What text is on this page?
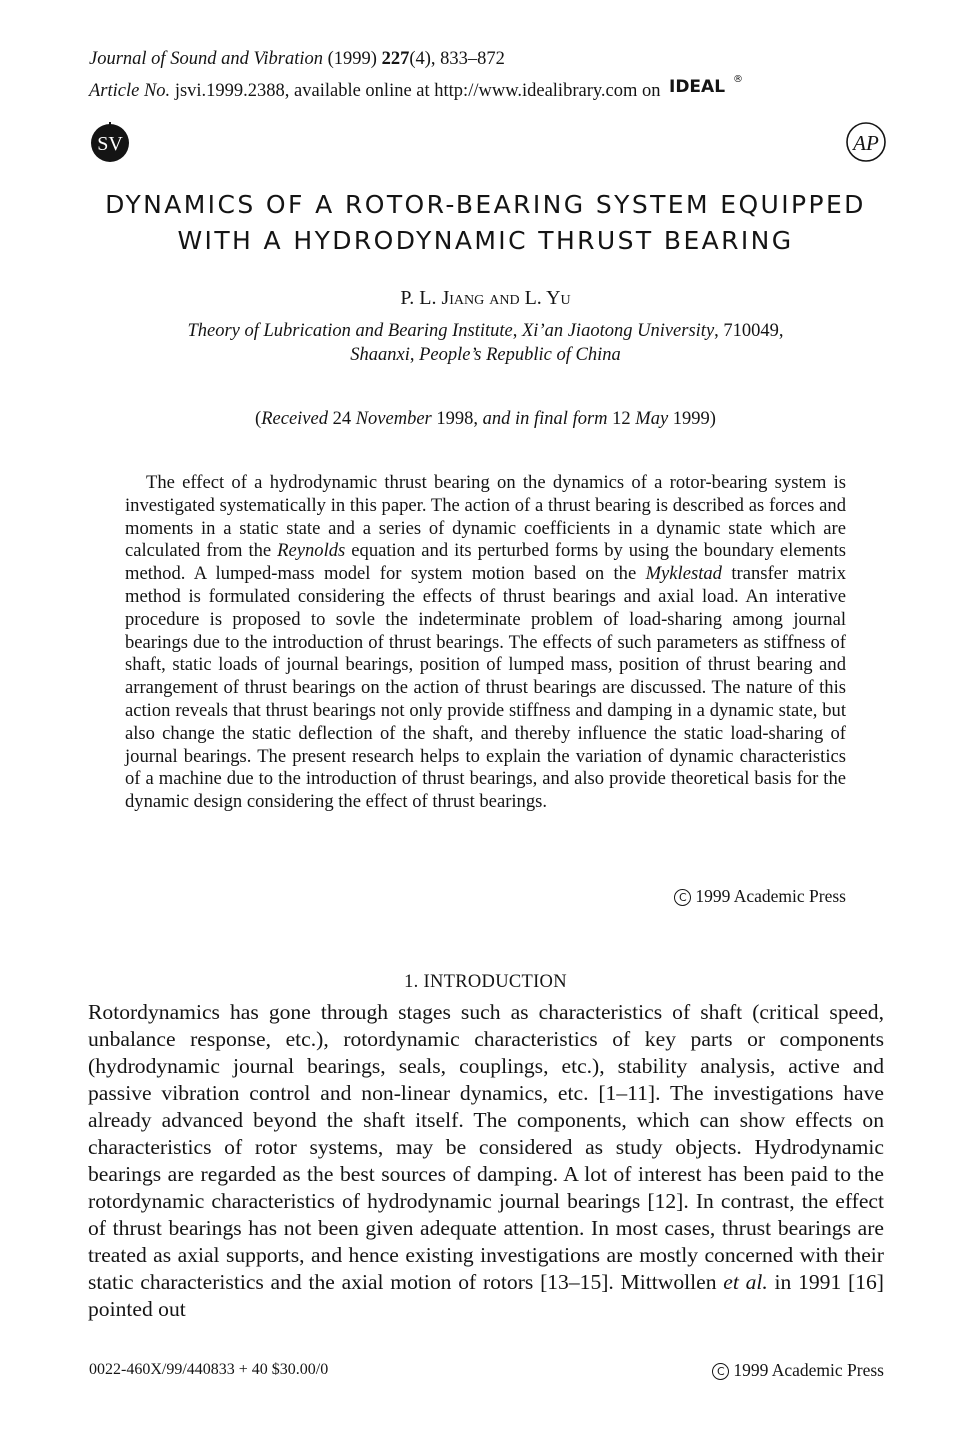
Journal of Sound and Vibration (1999) 227(4), 833–872
Article No. jsvi.1999.2388, available online at http://www.idealibrary.com on IDEAL ®
SV	AP
DYNAMICS OF A ROTOR-BEARING SYSTEM EQUIPPED
WITH A HYDRODYNAMIC THRUST BEARING
P. L. Jiang and L. Yu
Theory of Lubrication and Bearing Institute, Xi’an Jiaotong University, 710049,
Shaanxi, People’s Republic of China
(Received 24 November 1998, and in final form 12 May 1999)

The effect of a hydrodynamic thrust bearing on the dynamics of a rotor-bearing system is investigated systematically in this paper. The action of a thrust bearing is described as forces and moments in a static state and a series of dynamic coefficients in a dynamic state which are calculated from the Reynolds equation and its perturbed forms by using the boundary elements method. A lumped-mass model for system motion based on the Myklestad transfer matrix method is formulated considering the effects of thrust bearings and axial load. An interative procedure is proposed to sovle the indeterminate problem of load-sharing among journal bearings due to the introduction of thrust bearings. The effects of such parameters as stiffness of shaft, static loads of journal bearings, position of lumped mass, position of thrust bearing and arrangement of thrust bearings on the action of thrust bearings are discussed. The nature of this action reveals that thrust bearings not only provide stiffness and damping in a dynamic state, but also change the static deflection of the shaft, and thereby influence the static load-sharing of journal bearings. The present research helps to explain the variation of dynamic characteristics of a machine due to the introduction of thrust bearings, and also provide theoretical basis for the dynamic design considering the effect of thrust bearings.

C 1999 Academic Press
1. INTRODUCTION

Rotordynamics has gone through stages such as characteristics of shaft (critical speed, unbalance response, etc.), rotordynamic characteristics of key parts or components (hydrodynamic journal bearings, seals, couplings, etc.), stability analysis, active and passive vibration control and non-linear dynamics, etc. [1–11]. The investigations have already advanced beyond the shaft itself. The components, which can show effects on characteristics of rotor systems, may be considered as study objects. Hydrodynamic bearings are regarded as the best sources of damping. A lot of interest has been paid to the rotordynamic characteristics of hydrodynamic journal bearings [12]. In contrast, the effect of thrust bearings has not been given adequate attention. In most cases, thrust bearings are treated as axial supports, and hence existing investigations are mostly concerned with their static characteristics and the axial motion of rotors [13–15]. Mittwollen et al. in 1991 [16] pointed out

0022-460X/99/440833 + 40 $30.00/0	C 1999 Academic Press
